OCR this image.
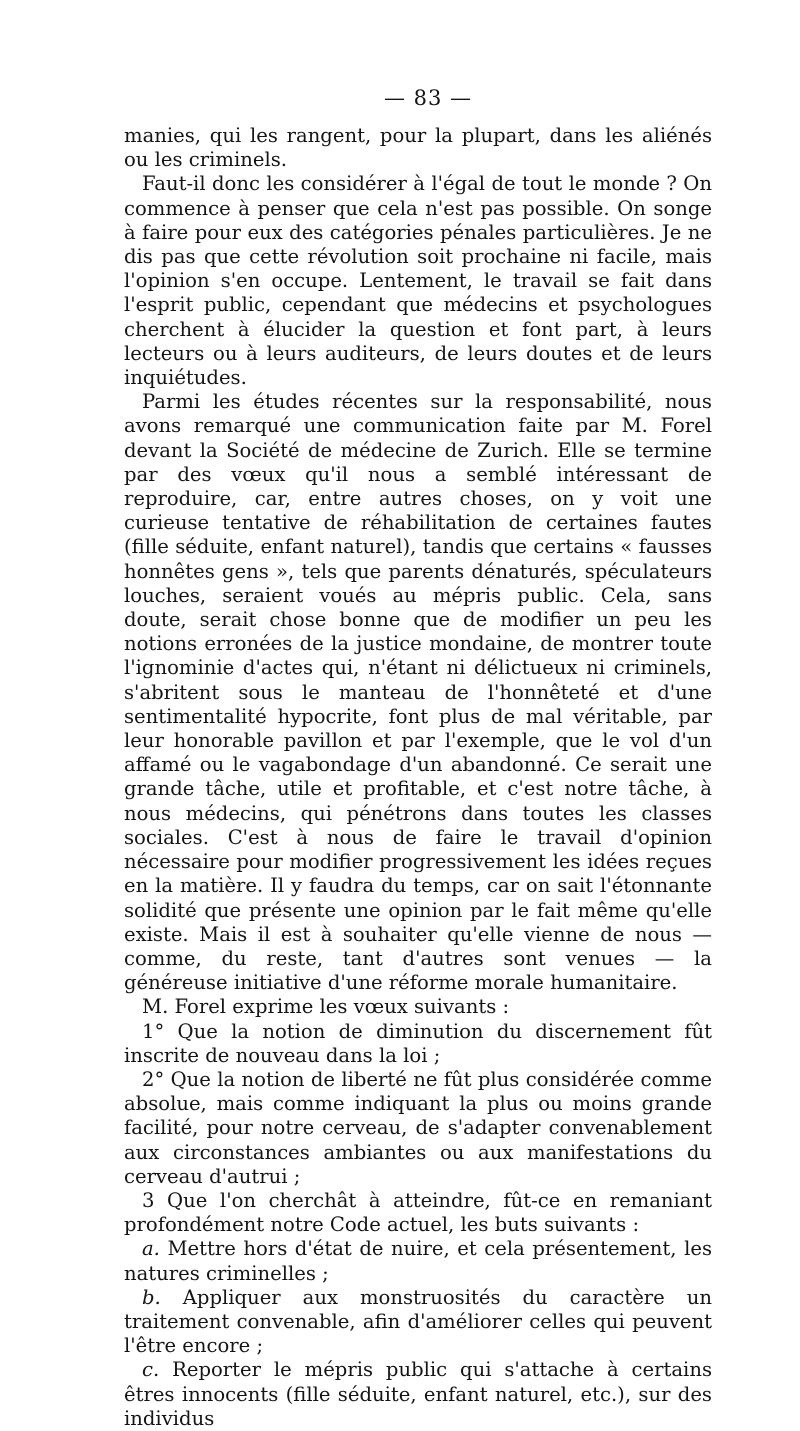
— 83 —

manies, qui les rangent, pour la plupart, dans les aliénés ou les criminels.

Faut-il donc les considérer à l'égal de tout le monde ? On commence à penser que cela n'est pas possible. On songe à faire pour eux des catégories pénales particulières. Je ne dis pas que cette révolution soit prochaine ni facile, mais l'opinion s'en occupe. Lentement, le travail se fait dans l'esprit public, cependant que médecins et psychologues cherchent à élucider la question et font part, à leurs lecteurs ou à leurs auditeurs, de leurs doutes et de leurs inquiétudes.

Parmi les études récentes sur la responsabilité, nous avons remarqué une communication faite par M. Forel devant la Société de médecine de Zurich. Elle se termine par des vœux qu'il nous a semblé intéressant de reproduire, car, entre autres choses, on y voit une curieuse tentative de réhabilitation de certaines fautes (fille séduite, enfant naturel), tandis que certains « fausses honnêtes gens », tels que parents dénaturés, spéculateurs louches, seraient voués au mépris public. Cela, sans doute, serait chose bonne que de modifier un peu les notions erronées de la justice mondaine, de montrer toute l'ignominie d'actes qui, n'étant ni délictueux ni criminels, s'abritent sous le manteau de l'honnêteté et d'une sentimentalité hypocrite, font plus de mal véritable, par leur honorable pavillon et par l'exemple, que le vol d'un affamé ou le vagabondage d'un abandonné. Ce serait une grande tâche, utile et profitable, et c'est notre tâche, à nous médecins, qui pénétrons dans toutes les classes sociales. C'est à nous de faire le travail d'opinion nécessaire pour modifier progressivement les idées reçues en la matière. Il y faudra du temps, car on sait l'étonnante solidité que présente une opinion par le fait même qu'elle existe. Mais il est à souhaiter qu'elle vienne de nous — comme, du reste, tant d'autres sont venues — la généreuse initiative d'une réforme morale humanitaire.

M. Forel exprime les vœux suivants :

1° Que la notion de diminution du discernement fût inscrite de nouveau dans la loi ;

2° Que la notion de liberté ne fût plus considérée comme absolue, mais comme indiquant la plus ou moins grande facilité, pour notre cerveau, de s'adapter convenablement aux circonstances ambiantes ou aux manifestations du cerveau d'autrui ;

3 Que l'on cherchât à atteindre, fût-ce en remaniant profondément notre Code actuel, les buts suivants :

a. Mettre hors d'état de nuire, et cela présentement, les natures criminelles ;

b. Appliquer aux monstruosités du caractère un traitement convenable, afin d'améliorer celles qui peuvent l'être encore ;

c. Reporter le mépris public qui s'attache à certains êtres innocents (fille séduite, enfant naturel, etc.), sur des individus
